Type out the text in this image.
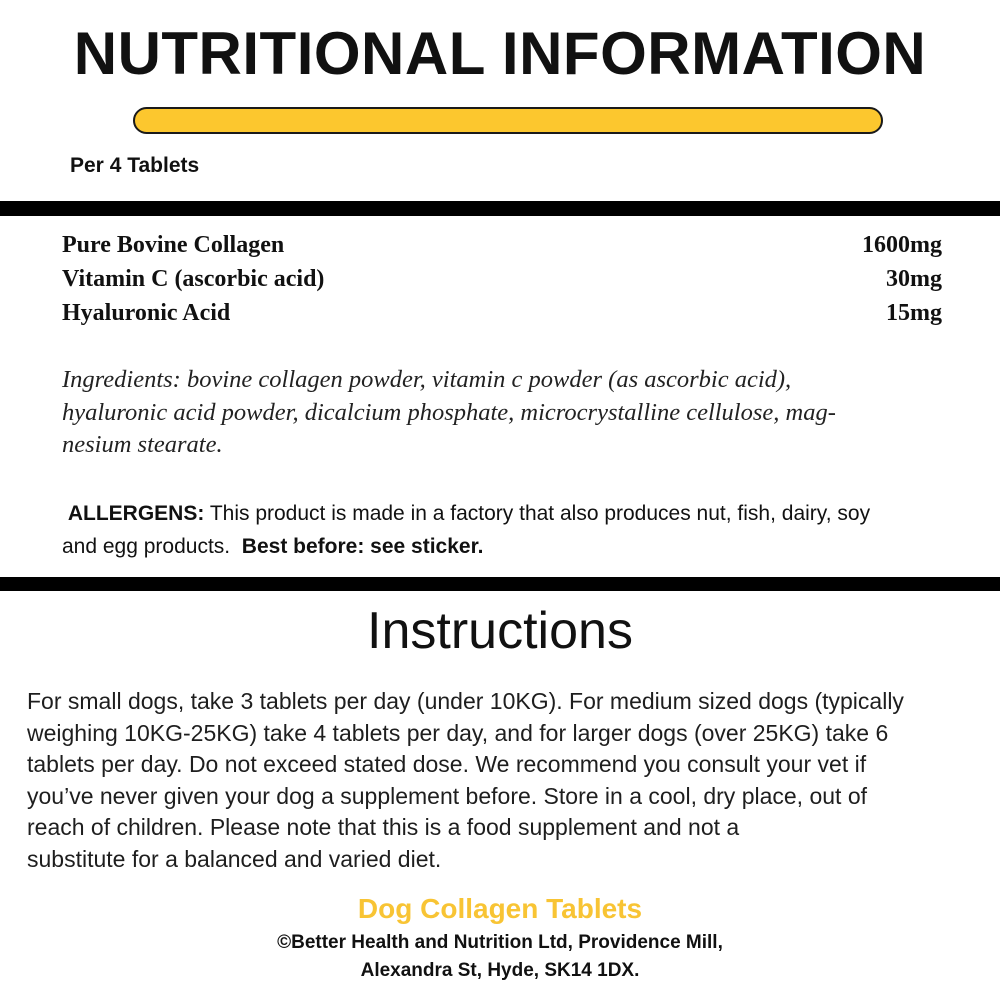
NUTRITIONAL INFORMATION
Per 4 Tablets
Pure Bovine Collagen	1600mg
Vitamin C (ascorbic acid)	30mg
Hyaluronic Acid	15mg
Ingredients: bovine collagen powder, vitamin c powder (as ascorbic acid),
hyaluronic acid powder, dicalcium phosphate, microcrystalline cellulose, mag-
nesium stearate.
ALLERGENS: This product is made in a factory that also produces nut, fish, dairy, soy
and egg products. Best before: see sticker.
Instructions
For small dogs, take 3 tablets per day (under 10KG). For medium sized dogs (typically
weighing 10KG-25KG) take 4 tablets per day, and for larger dogs (over 25KG) take 6
tablets per day. Do not exceed stated dose. We recommend you consult your vet if
you’ve never given your dog a supplement before. Store in a cool, dry place, out of
reach of children. Please note that this is a food supplement and not a
substitute for a balanced and varied diet.
Dog Collagen Tablets
©Better Health and Nutrition Ltd, Providence Mill,
Alexandra St, Hyde, SK14 1DX.
